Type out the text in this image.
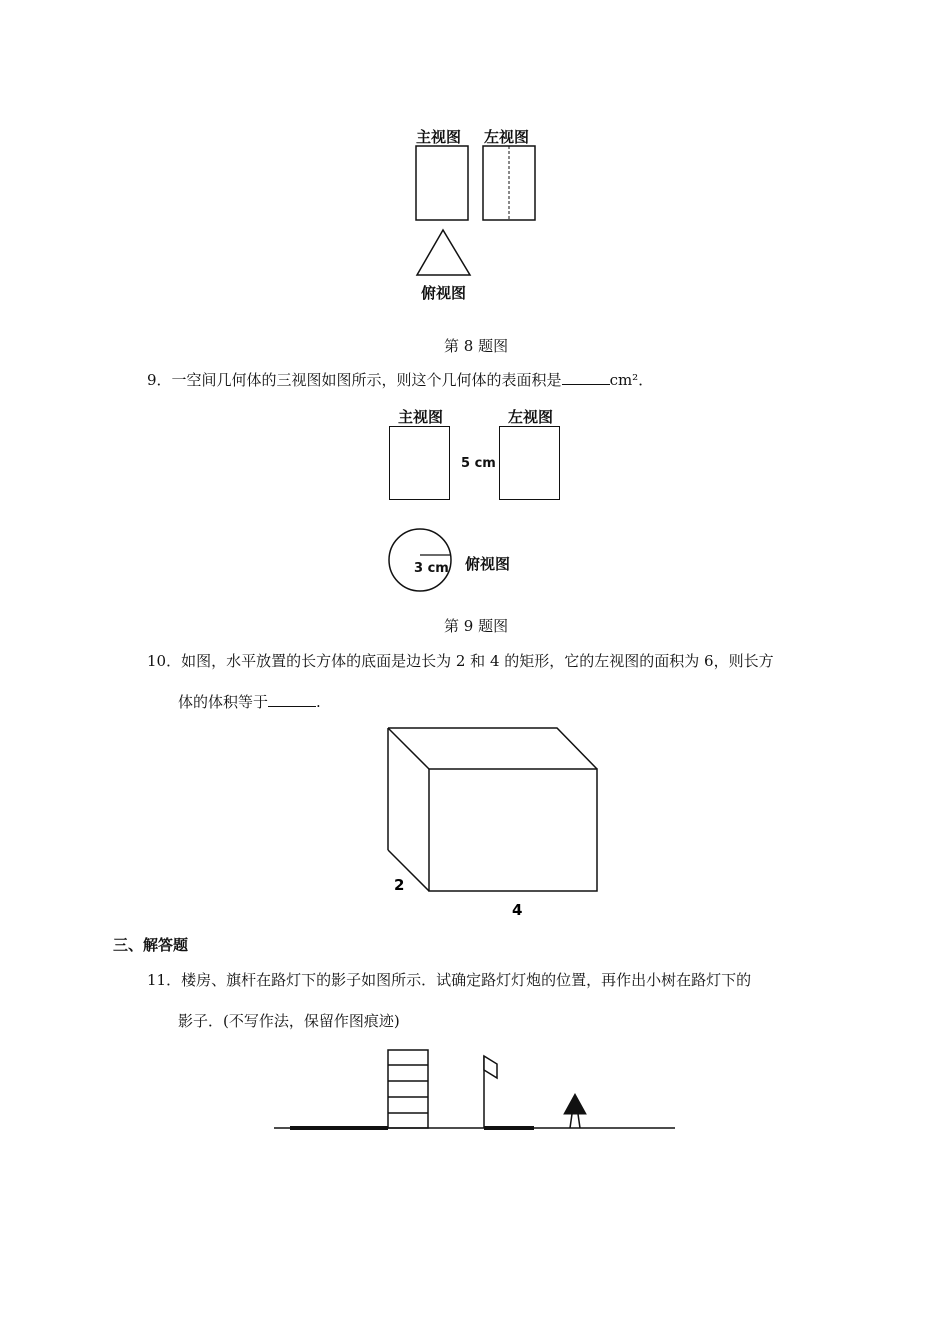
主视图 左视图
俯视图
第 8 题图
9．一空间几何体的三视图如图所示，则这个几何体的表面积是	cm²．
主视图	左视图
5 cm
3 cm 俯视图
第 9 题图
10．如图，水平放置的长方体的底面是边长为 2 和 4 的矩形，它的左视图的面积为 6，则长方
体的体积等于	.
2
4
三、解答题
11．楼房、旗杆在路灯下的影子如图所示．试确定路灯灯炮的位置，再作出小树在路灯下的
影子．(不写作法，保留作图痕迹)
